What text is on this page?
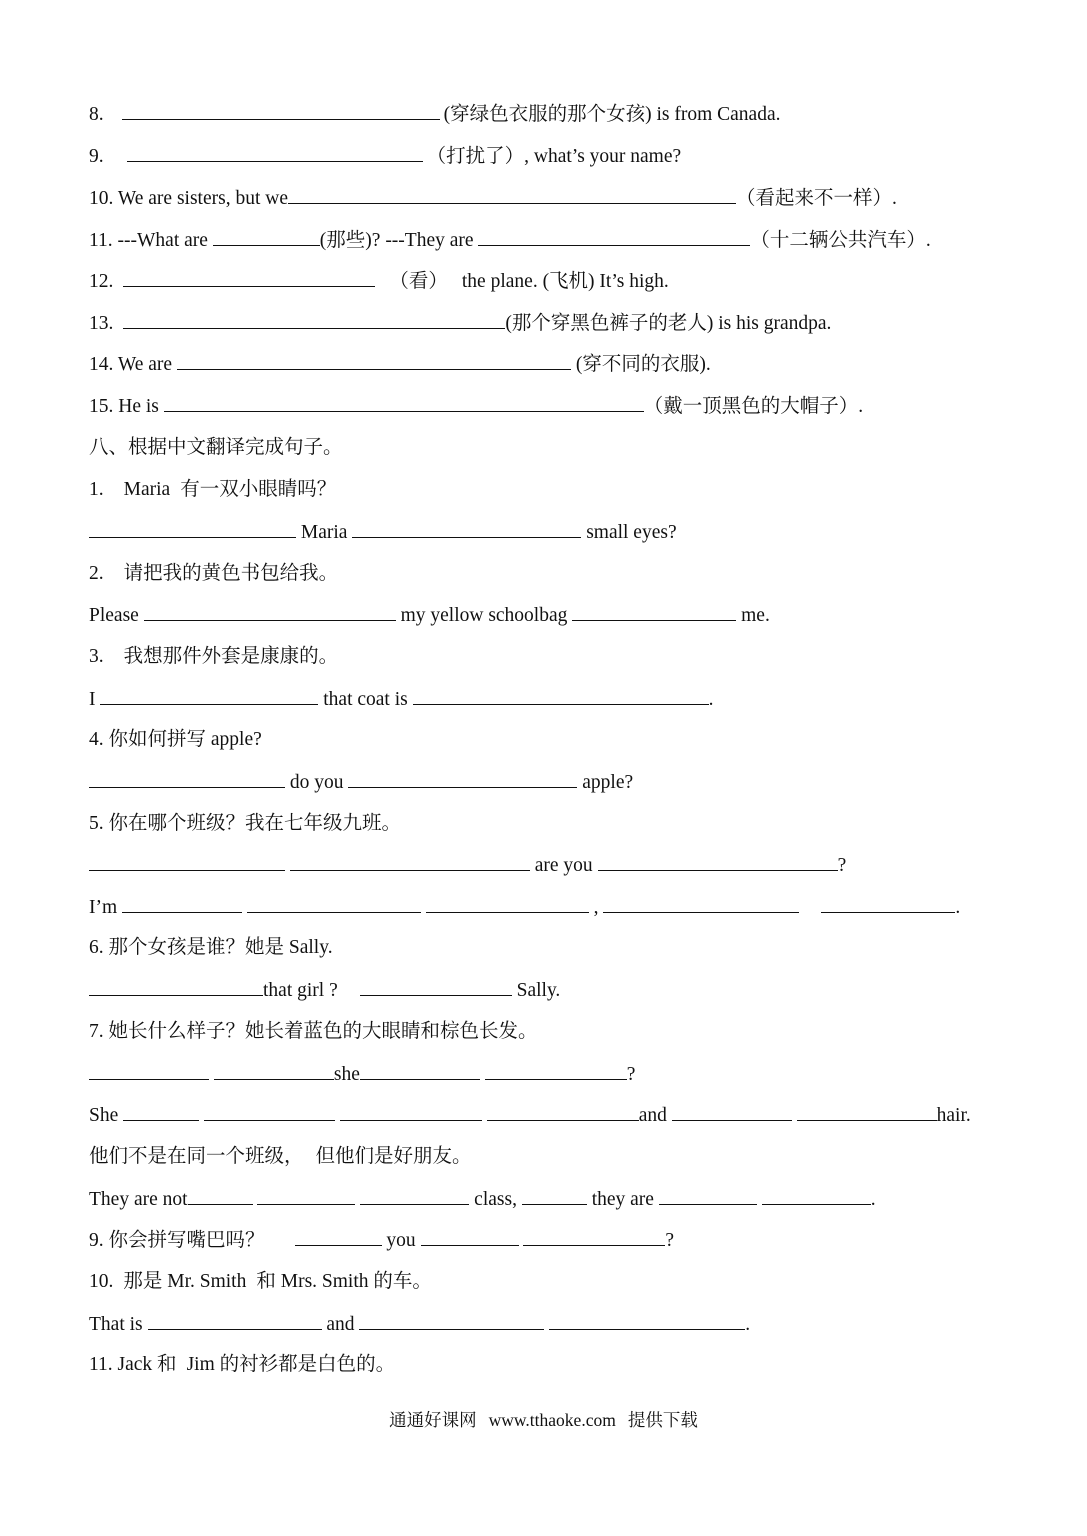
8.	(穿绿色衣服的那个女孩) is from Canada.
9.	（打扰了）, what’s your name?
10. We are sisters, but we	（看起来不一样）.
11. ---What are	(那些)? ---They are	（十二辆公共汽车）.
12.	（看） the plane. (飞机) It’s high.
13.	(那个穿黑色裤子的老人) is his grandpa.
14. We are	(穿不同的衣服).
15. He is	（戴一顶黑色的大帽子）.
八、根据中文翻译完成句子。
1. Maria 有一双小眼睛吗？
Maria	small eyes?
2. 请把我的黄色书包给我。
Please	my yellow schoolbag	me.
3. 我想那件外套是康康的。
I	that coat is	.
4. 你如何拼写 apple?
do you	apple?
5. 你在哪个班级？我在七年级九班。
are you	?
I’m	,	.
6. 那个女孩是谁？她是 Sally.
that girl ?	Sally.
7. 她长什么样子？她长着蓝色的大眼睛和棕色长发。
she	?
She	and	hair.
他们不是在同一个班级， 但他们是好朋友。
They are not	class,	they are	.
9. 你会拼写嘴巴吗？	you	?
10. 那是 Mr. Smith 和 Mrs. Smith 的车。
That is	and	.
11. Jack 和 Jim 的衬衫都是白色的。
通通好课网 www.tthaoke.com 提供下载
